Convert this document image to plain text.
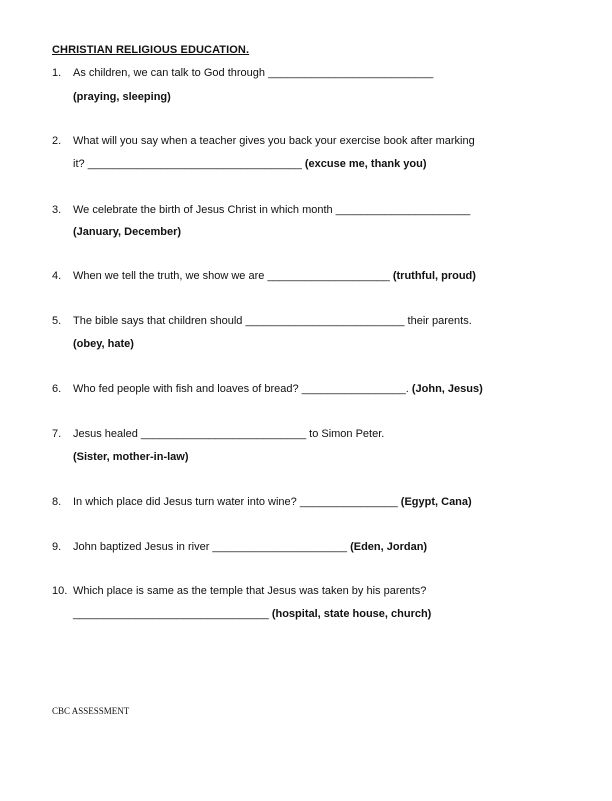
CHRISTIAN RELIGIOUS EDUCATION.
1. As children, we can talk to God through ___________________________
(praying, sleeping)
2. What will you say when a teacher gives you back your exercise book after marking
it? ___________________________________ (excuse me, thank you)
3. We celebrate the birth of Jesus Christ in which month ______________________
(January, December)
4. When we tell the truth, we show we are ____________________ (truthful, proud)
5. The bible says that children should __________________________ their parents.
(obey, hate)
6. Who fed people with fish and loaves of bread? _________________. (John, Jesus)
7. Jesus healed ___________________________ to Simon Peter.
(Sister, mother-in-law)
8. In which place did Jesus turn water into wine? ________________ (Egypt, Cana)
9. John baptized Jesus in river ______________________ (Eden, Jordan)
10. Which place is same as the temple that Jesus was taken by his parents?
________________________________ (hospital, state house, church)
CBC ASSESSMENT
